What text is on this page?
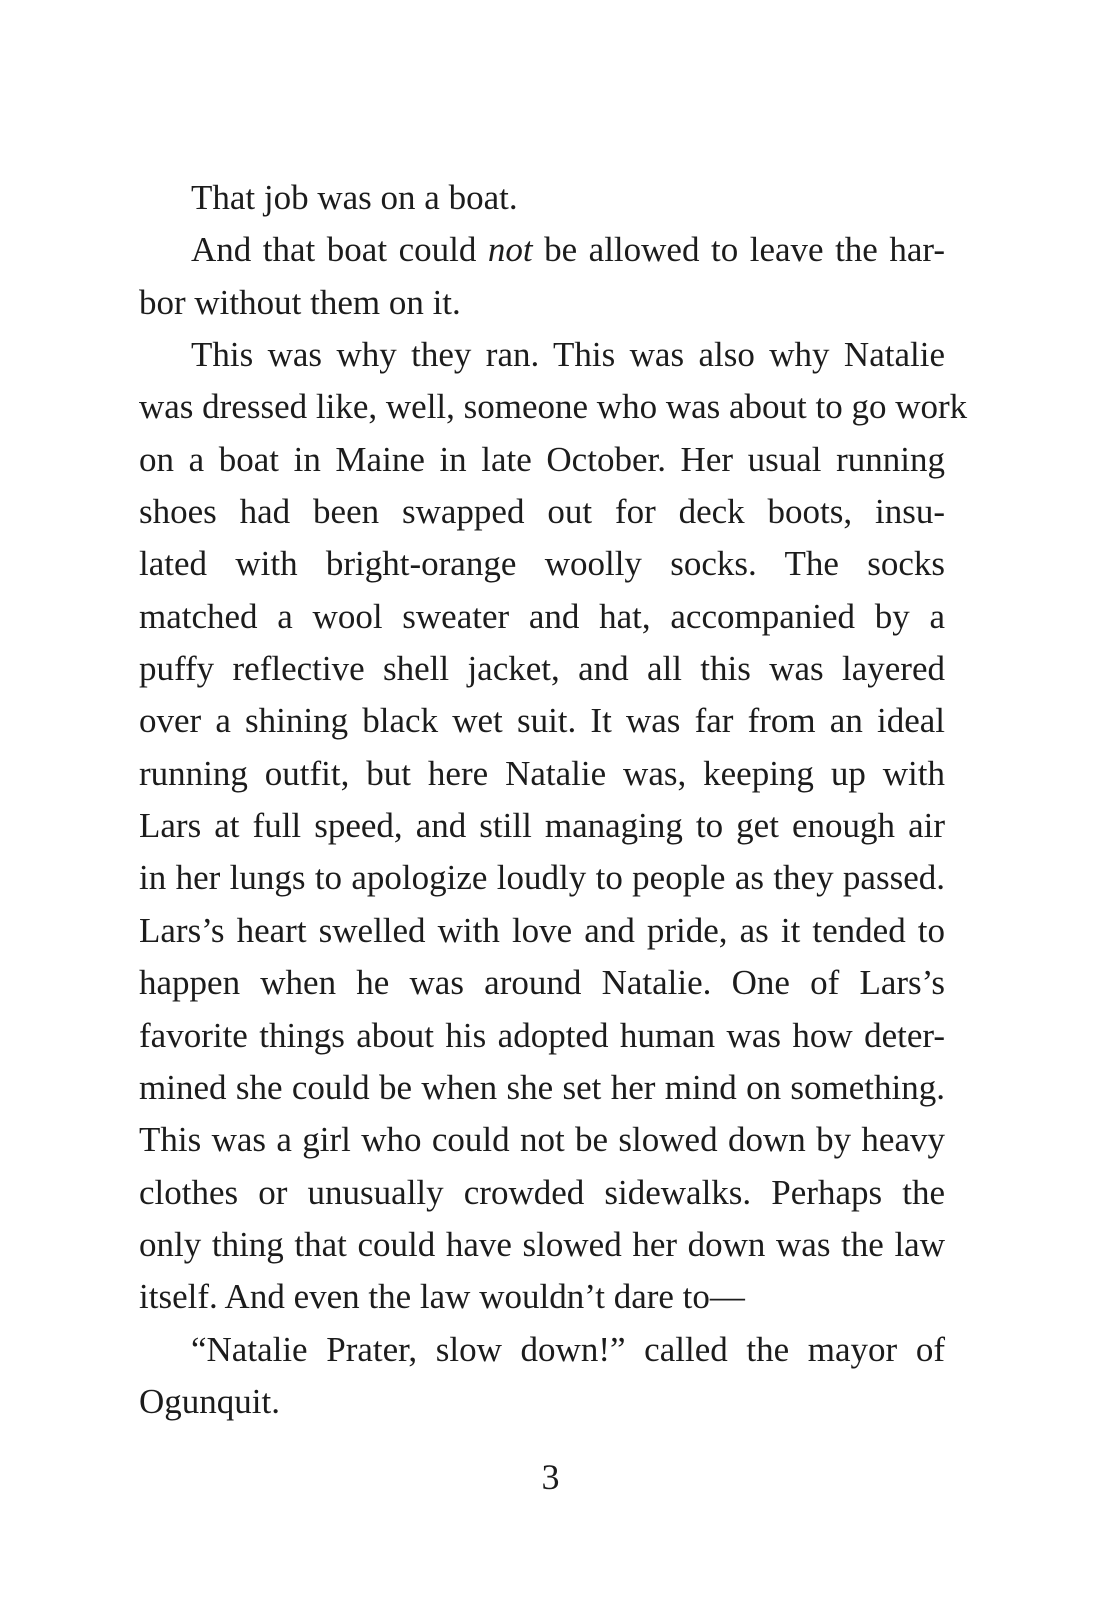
That job was on a boat.
And that boat could not be allowed to leave the har-
bor without them on it.
This was why they ran. This was also why Natalie
was dressed like, well, someone who was about to go work
on a boat in Maine in late October. Her usual running
shoes had been swapped out for deck boots, insu-
lated with bright-orange woolly socks. The socks
matched a wool sweater and hat, accompanied by a
puffy reflective shell jacket, and all this was layered
over a shining black wet suit. It was far from an ideal
running outfit, but here Natalie was, keeping up with
Lars at full speed, and still managing to get enough air
in her lungs to apologize loudly to people as they passed.
Lars’s heart swelled with love and pride, as it tended to
happen when he was around Natalie. One of Lars’s
favorite things about his adopted human was how deter-
mined she could be when she set her mind on something.
This was a girl who could not be slowed down by heavy
clothes or unusually crowded sidewalks. Perhaps the
only thing that could have slowed her down was the law
itself. And even the law wouldn’t dare to—
“Natalie Prater, slow down!” called the mayor of
Ogunquit.
3
